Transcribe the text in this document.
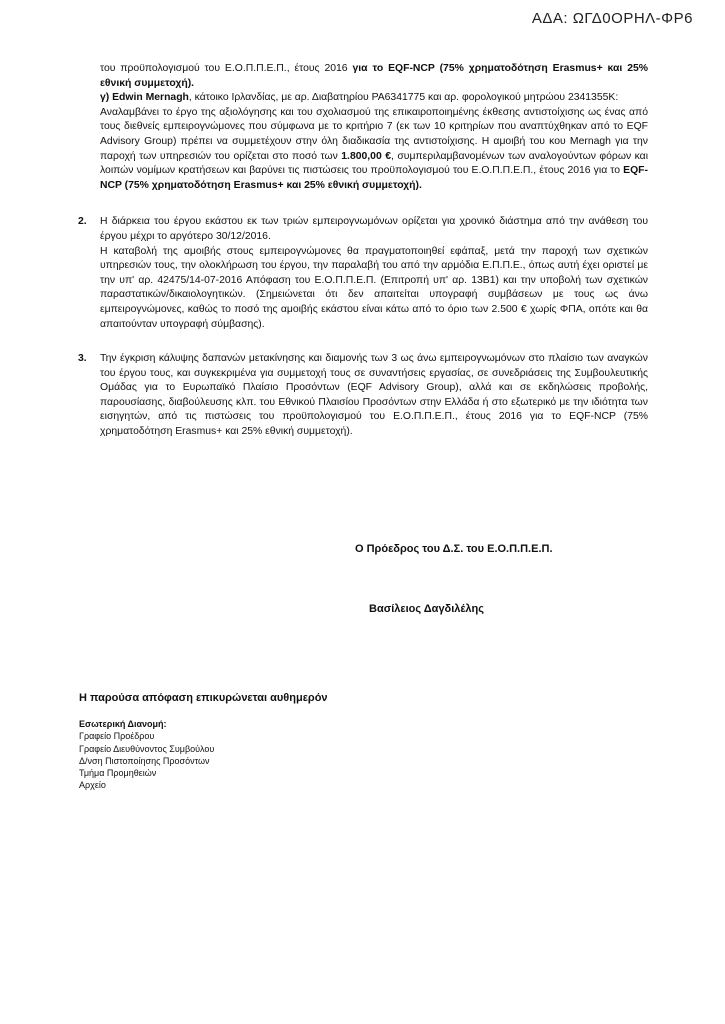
ΑΔΑ: ΩΓΔ0ΟΡΗΛ-ΦΡ6

του προϋπολογισμού του Ε.Ο.Π.Π.Ε.Π., έτους 2016 για το EQF-NCP (75% χρηματοδότηση Erasmus+ και 25% εθνική συμμετοχή).

γ) Edwin Mernagh, κάτοικο Ιρλανδίας, με αρ. Διαβατηρίου PA6341775 και αρ. φορολογικού μητρώου 2341355K:

Αναλαμβάνει το έργο της αξιολόγησης και του σχολιασμού της επικαιροποιημένης έκθεσης αντιστοίχισης ως ένας από τους διεθνείς εμπειρογνώμονες που σύμφωνα με το κριτήριο 7 (εκ των 10 κριτηρίων που αναπτύχθηκαν από το EQF Advisory Group) πρέπει να συμμετέχουν στην όλη διαδικασία της αντιστοίχισης. Η αμοιβή του κου Mernagh για την παροχή των υπηρεσιών του ορίζεται στο ποσό των 1.800,00 €, συμπεριλαμβανομένων των αναλογούντων φόρων και λοιπών νομίμων κρατήσεων και βαρύνει τις πιστώσεις του προϋπολογισμού του Ε.Ο.Π.Π.Ε.Π., έτους 2016 για το EQF-NCP (75% χρηματοδότηση Erasmus+ και 25% εθνική συμμετοχή).

2. Η διάρκεια του έργου εκάστου εκ των τριών εμπειρογνωμόνων ορίζεται για χρονικό διάστημα από την ανάθεση του έργου μέχρι το αργότερο 30/12/2016.

Η καταβολή της αμοιβής στους εμπειρογνώμονες θα πραγματοποιηθεί εφάπαξ, μετά την παροχή των σχετικών υπηρεσιών τους, την ολοκλήρωση του έργου, την παραλαβή του από την αρμόδια Ε.Π.Π.Ε., όπως αυτή έχει οριστεί με την υπ' αρ. 42475/14-07-2016 Απόφαση του Ε.Ο.Π.Π.Ε.Π. (Επιτροπή υπ' αρ. 13Β1) και την υποβολή των σχετικών παραστατικών/δικαιολογητικών. (Σημειώνεται ότι δεν απαιτείται υπογραφή συμβάσεων με τους ως άνω εμπειρογνώμονες, καθώς το ποσό της αμοιβής εκάστου είναι κάτω από το όριο των 2.500 € χωρίς ΦΠΑ, οπότε και θα απαιτούνταν υπογραφή σύμβασης).

3. Την έγκριση κάλυψης δαπανών μετακίνησης και διαμονής των 3 ως άνω εμπειρογνωμόνων στο πλαίσιο των αναγκών του έργου τους, και συγκεκριμένα για συμμετοχή τους σε συναντήσεις εργασίας, σε συνεδριάσεις της Συμβουλευτικής Ομάδας για το Ευρωπαϊκό Πλαίσιο Προσόντων (EQF Advisory Group), αλλά και σε εκδηλώσεις προβολής, παρουσίασης, διαβούλευσης κλπ. του Εθνικού Πλαισίου Προσόντων στην Ελλάδα ή στο εξωτερικό με την ιδιότητα των εισηγητών, από τις πιστώσεις του προϋπολογισμού του Ε.Ο.Π.Π.Ε.Π., έτους 2016 για το EQF-NCP (75% χρηματοδότηση Erasmus+ και 25% εθνική συμμετοχή).

Ο Πρόεδρος του Δ.Σ. του Ε.Ο.Π.Π.Ε.Π.
Βασίλειος Δαγδιλέλης
Η παρούσα απόφαση επικυρώνεται αυθημερόν
Εσωτερική Διανομή:
Γραφείο Προέδρου
Γραφείο Διευθύνοντος Συμβούλου
Δ/νση Πιστοποίησης Προσόντων
Τμήμα Προμηθειών
Αρχείο
